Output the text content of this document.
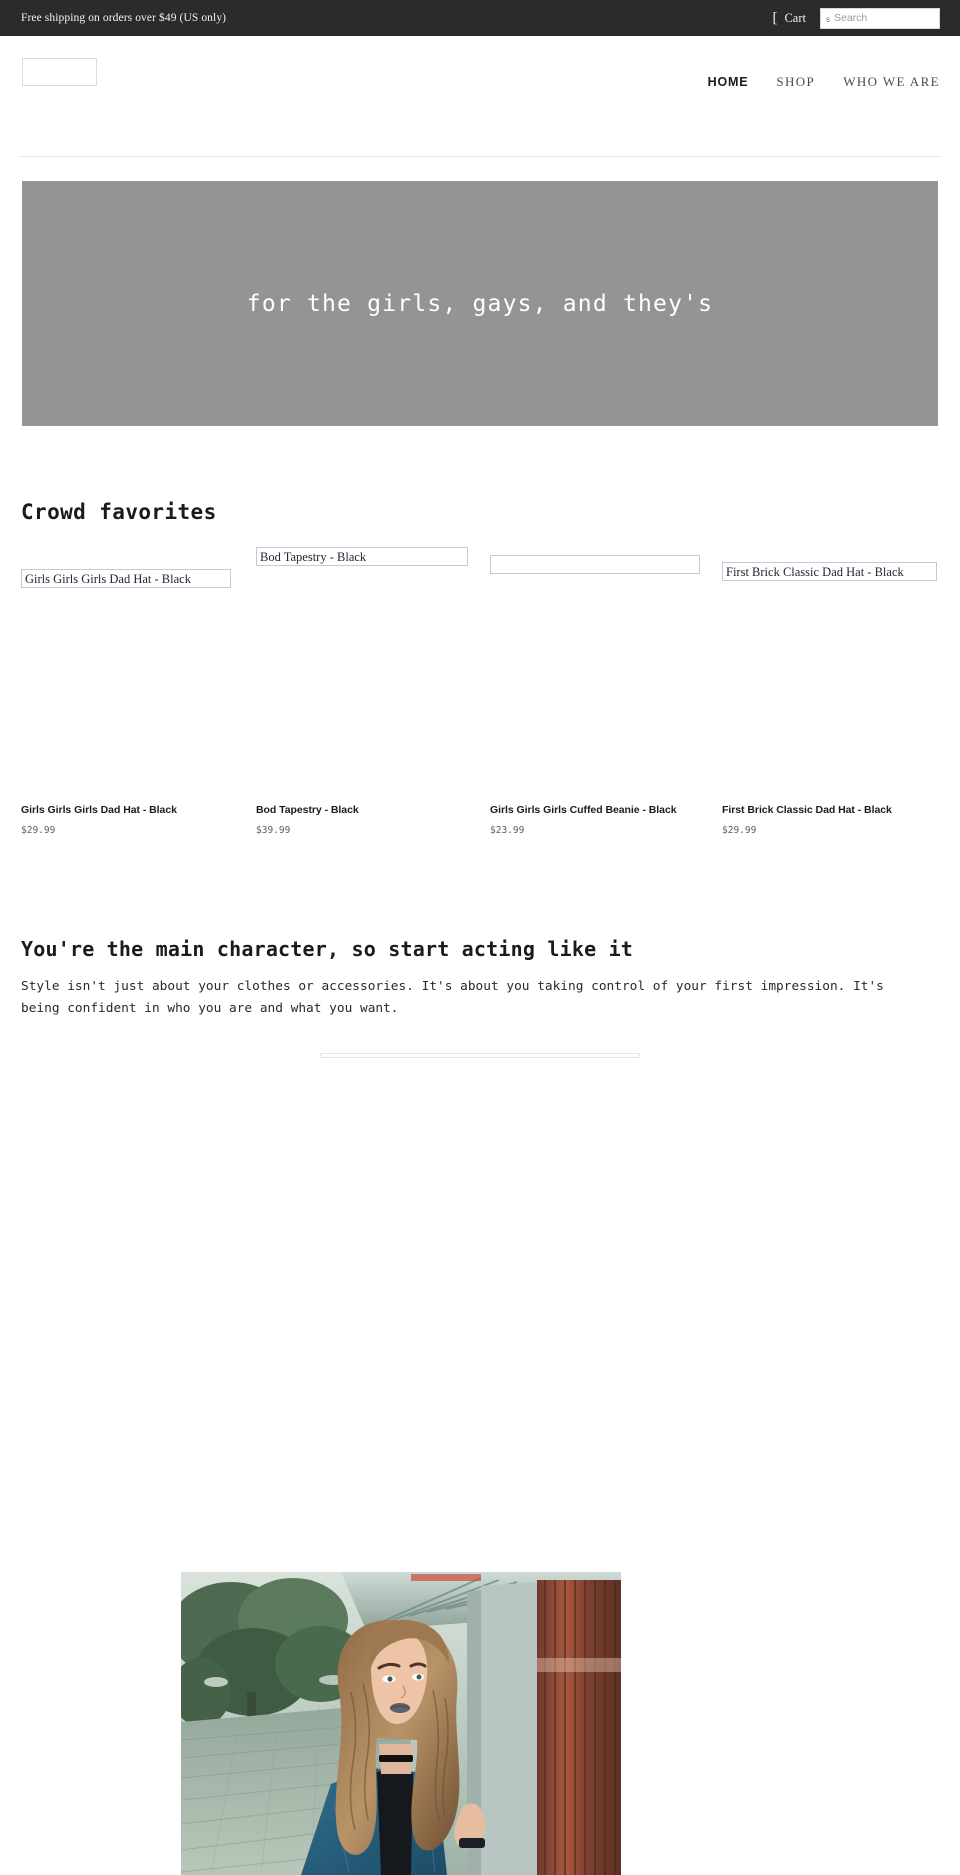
Free shipping on orders over $49 (US only)	[ Cart	s
Search
HOME SHOP WHO WE ARE
for the girls, gays, and they's
Crowd favorites
Girls Girls Girls Dad Hat - Black
Bod Tapestry - Black
First Brick Classic Dad Hat - Black
Girls Girls Girls Dad Hat - Black
$29.99
Bod Tapestry - Black
$39.99
Girls Girls Girls Cuffed Beanie - Black
$23.99
First Brick Classic Dad Hat - Black
$29.99
You're the main character, so start acting like it

Style isn't just about your clothes or accessories. It's about you taking control of your first impression. It's being confident in who you are and what you want.
